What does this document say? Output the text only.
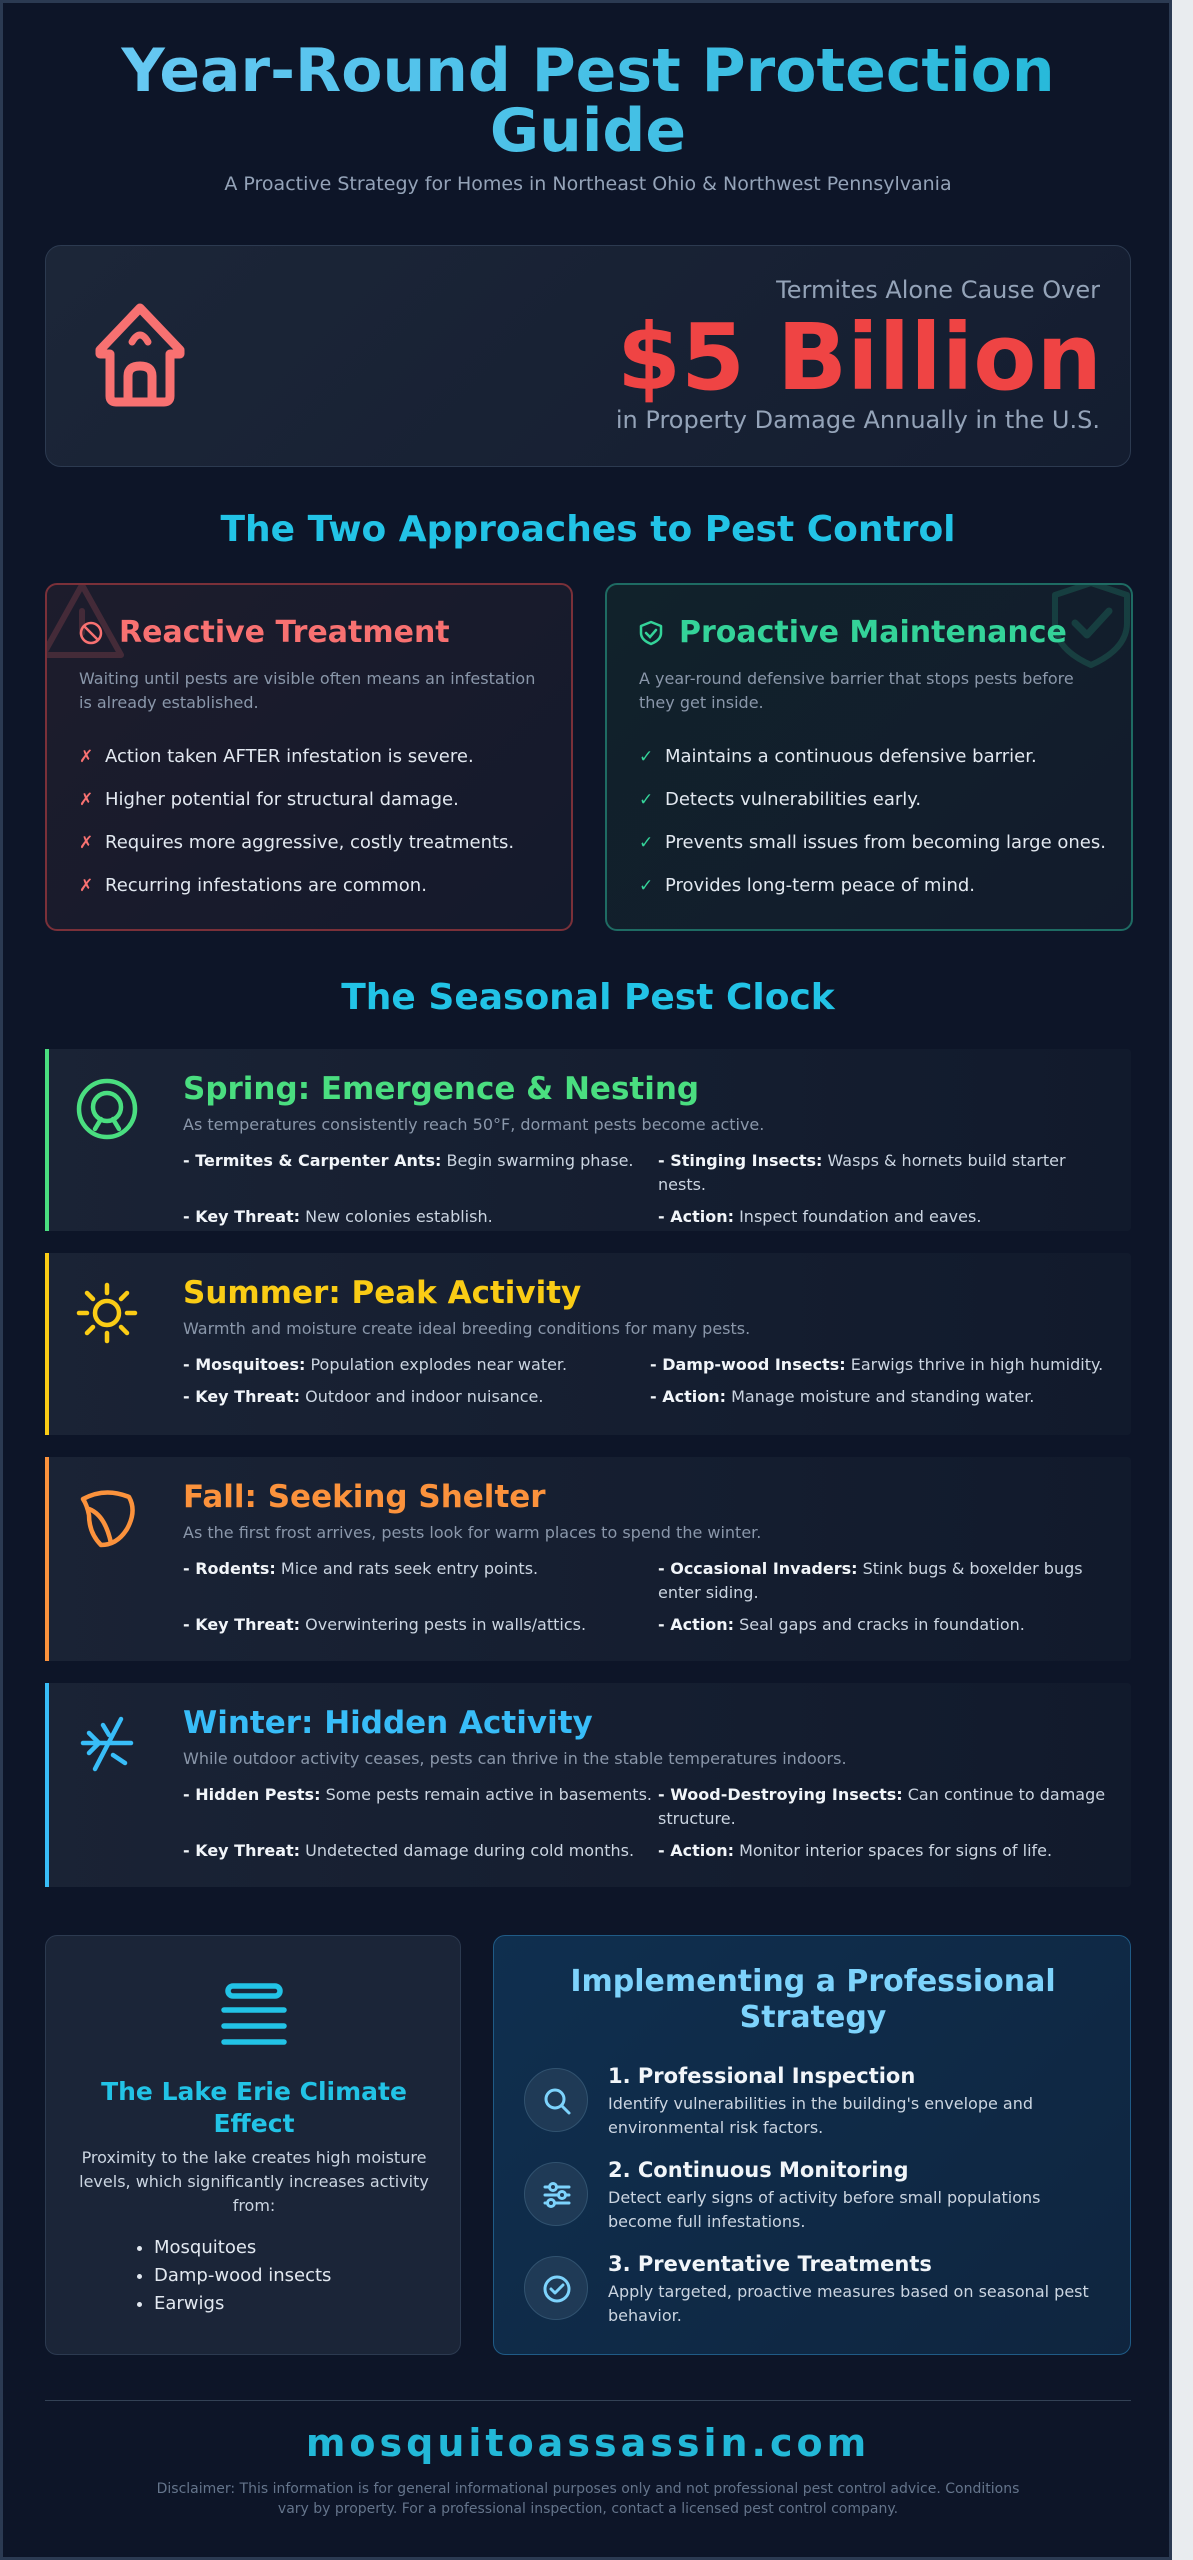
Year-Round Pest Protection Guide
A Proactive Strategy for Homes in Northeast Ohio & Northwest Pennsylvania
Termites Alone Cause Over
$5 Billion
in Property Damage Annually in the U.S.
The Two Approaches to Pest Control
Reactive Treatment
Waiting until pests are visible often means an infestation is already established.
✗ Action taken AFTER infestation is severe.
✗ Higher potential for structural damage.
✗ Requires more aggressive, costly treatments.
✗ Recurring infestations are common.
Proactive Maintenance
A year-round defensive barrier that stops pests before they get inside.
✓ Maintains a continuous defensive barrier.
✓ Detects vulnerabilities early.
✓ Prevents small issues from becoming large ones.
✓ Provides long-term peace of mind.
The Seasonal Pest Clock
Spring: Emergence & Nesting
As temperatures consistently reach 50°F, dormant pests become active.
- Termites & Carpenter Ants: Begin swarming phase.	- Stinging Insects: Wasps & hornets build starter nests.
- Key Threat: New colonies establish.	- Action: Inspect foundation and eaves.
Summer: Peak Activity
Warmth and moisture create ideal breeding conditions for many pests.
- Mosquitoes: Population explodes near water.	- Damp-wood Insects: Earwigs thrive in high humidity.
- Key Threat: Outdoor and indoor nuisance.	- Action: Manage moisture and standing water.
Fall: Seeking Shelter
As the first frost arrives, pests look for warm places to spend the winter.
- Rodents: Mice and rats seek entry points.	- Occasional Invaders: Stink bugs & boxelder bugs enter siding.
- Key Threat: Overwintering pests in walls/attics.	- Action: Seal gaps and cracks in foundation.
Winter: Hidden Activity
While outdoor activity ceases, pests can thrive in the stable temperatures indoors.
- Hidden Pests: Some pests remain active in basements. - Wood-Destroying Insects: Can continue to damage structure.
- Key Threat: Undetected damage during cold months.	- Action: Monitor interior spaces for signs of life.
The Lake Erie Climate Effect
Proximity to the lake creates high moisture levels, which significantly increases activity from:
• Mosquitoes
• Damp-wood insects
• Earwigs
Implementing a Professional Strategy
1. Professional Inspection
Identify vulnerabilities in the building's envelope and environmental risk factors.
2. Continuous Monitoring
Detect early signs of activity before small populations become full infestations.
3. Preventative Treatments
Apply targeted, proactive measures based on seasonal pest behavior.
mosquitoassassin.com
Disclaimer: This information is for general informational purposes only and not professional pest control advice. Conditions vary by property. For a professional inspection, contact a licensed pest control company.
